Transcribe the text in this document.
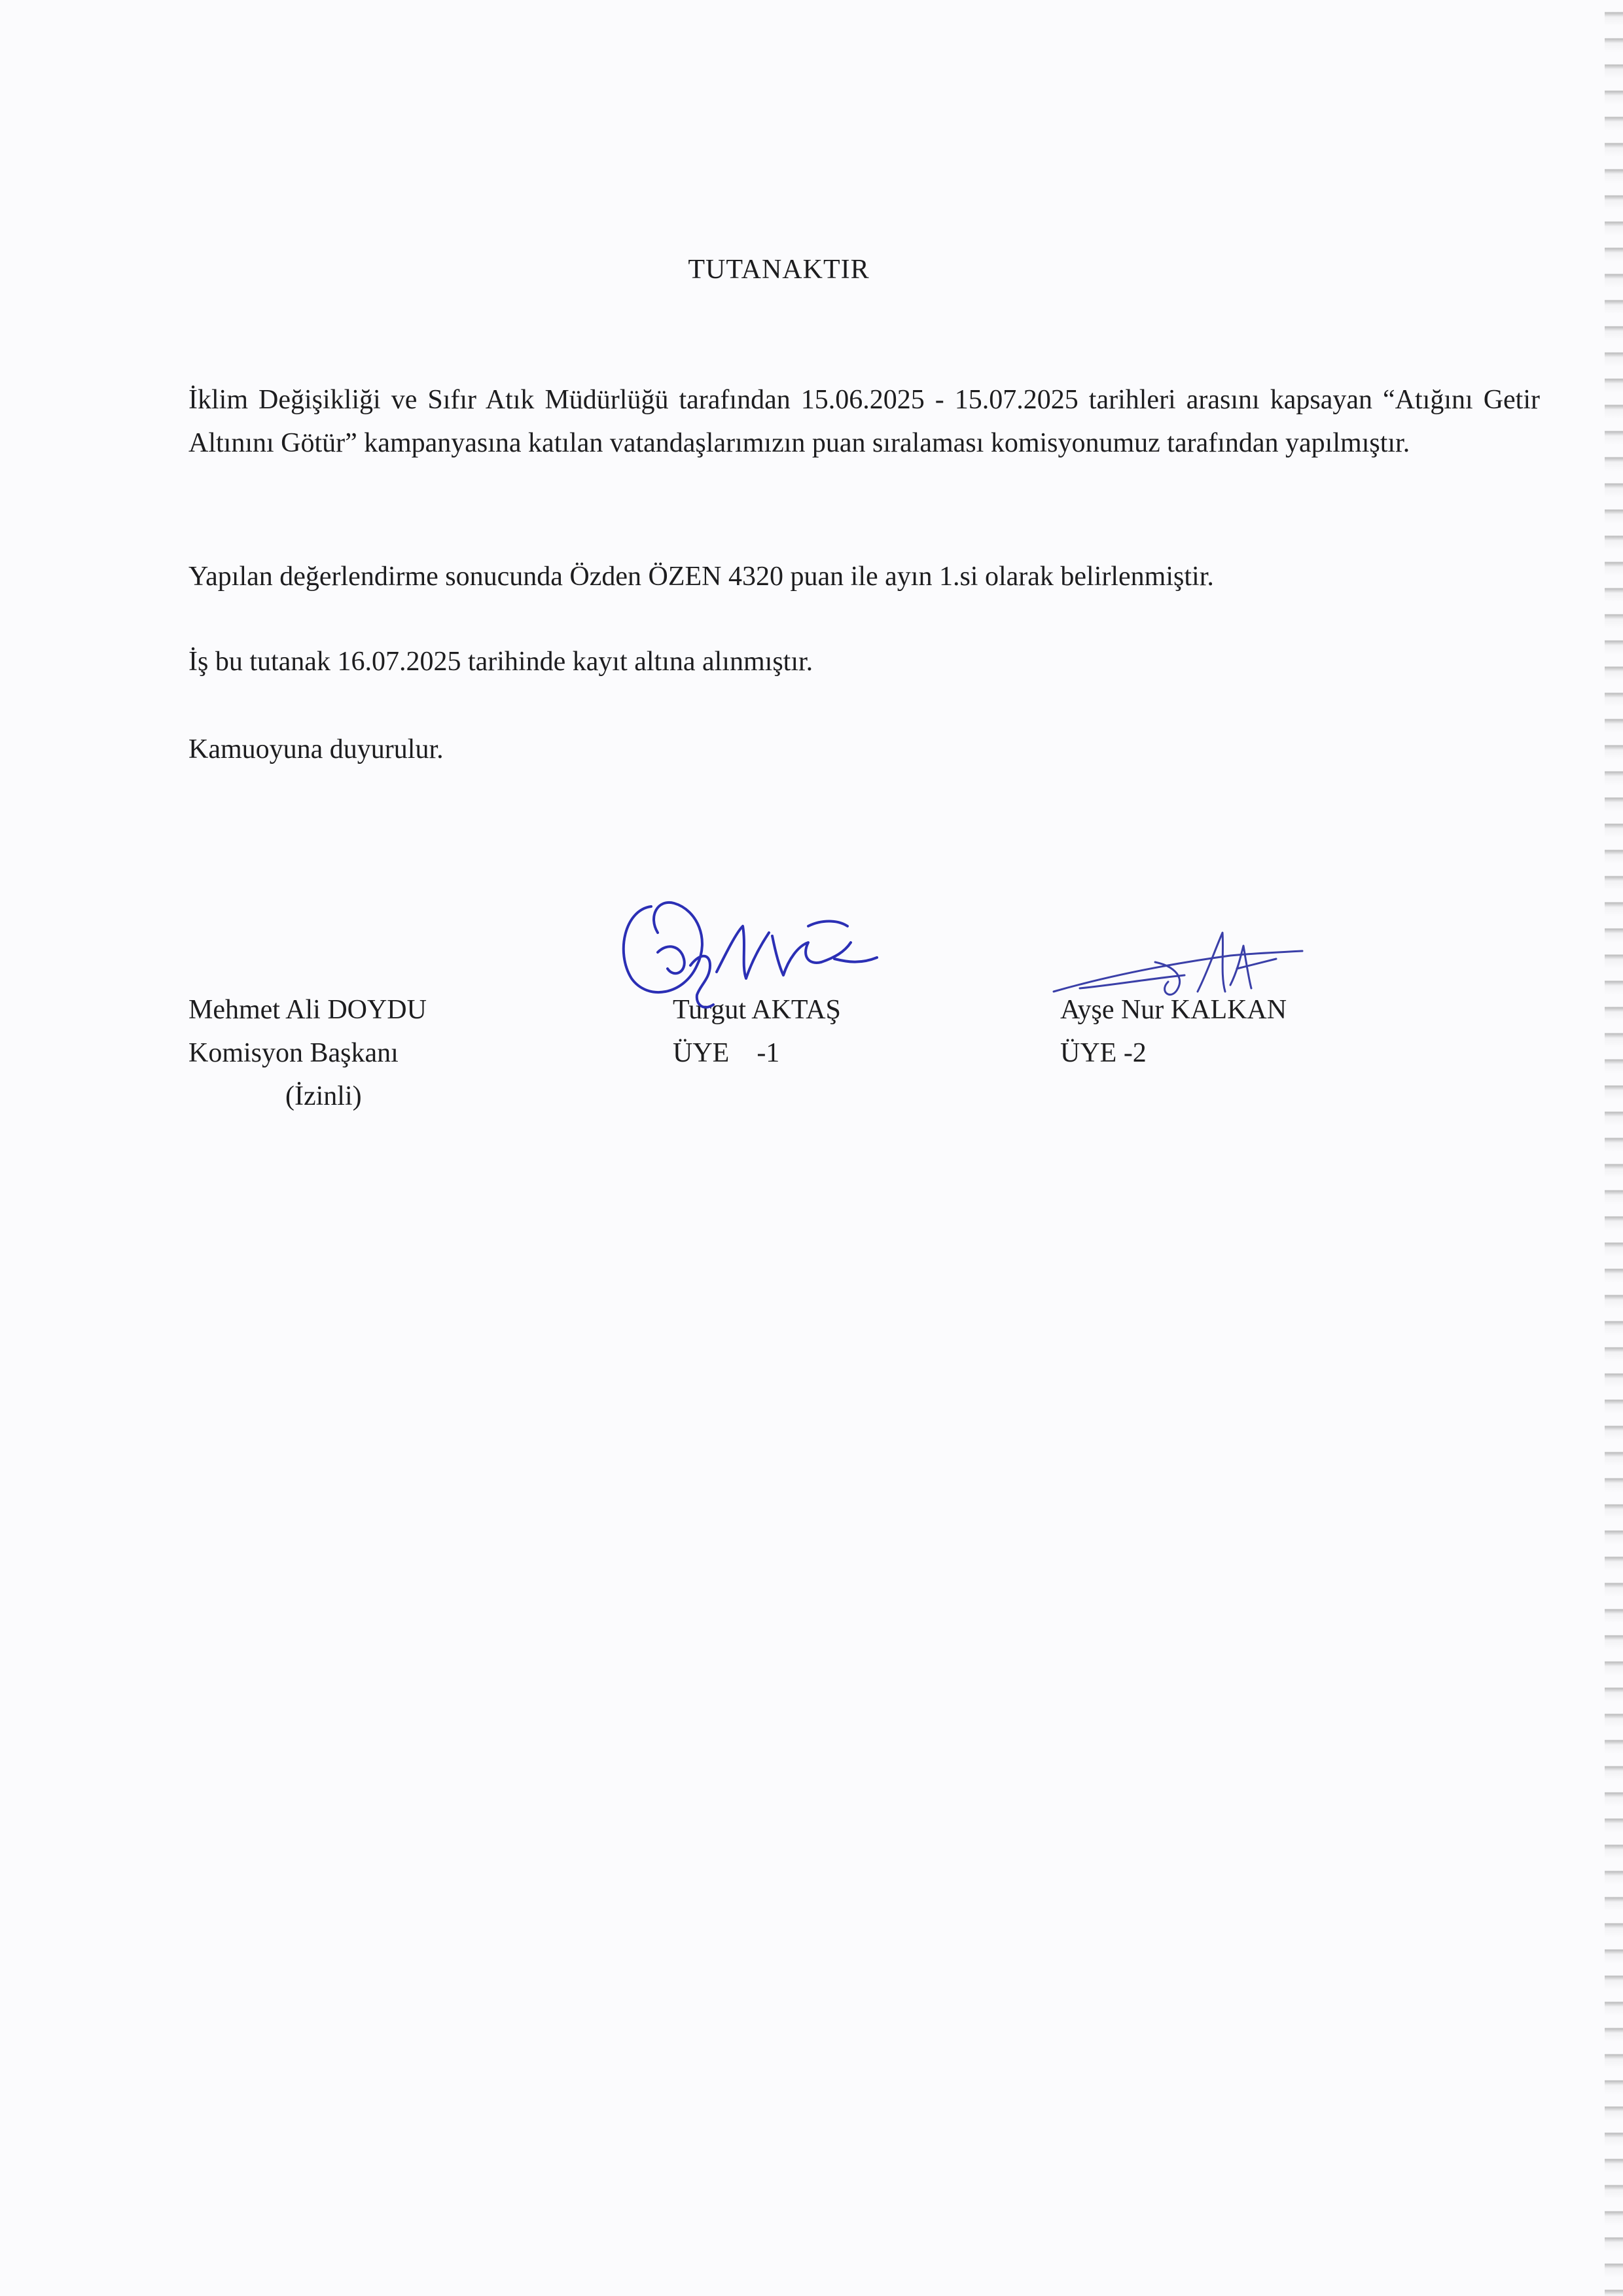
TUTANAKTIR
İklim Değişikliği ve Sıfır Atık Müdürlüğü tarafından 15.06.2025 - 15.07.2025 tarihleri arasını kapsayan “Atığını Getir Altınını Götür” kampanyasına katılan vatandaşlarımızın puan sıralaması komisyonumuz tarafından yapılmıştır.
Yapılan değerlendirme sonucunda Özden ÖZEN 4320 puan ile ayın 1.si olarak belirlenmiştir.
İş bu tutanak 16.07.2025 tarihinde kayıt altına alınmıştır.
Kamuoyuna duyurulur.
Mehmet Ali DOYDU
Komisyon Başkanı
(İzinli)
Turgut AKTAŞ
ÜYE    -1
Ayşe Nur KALKAN
ÜYE -2
